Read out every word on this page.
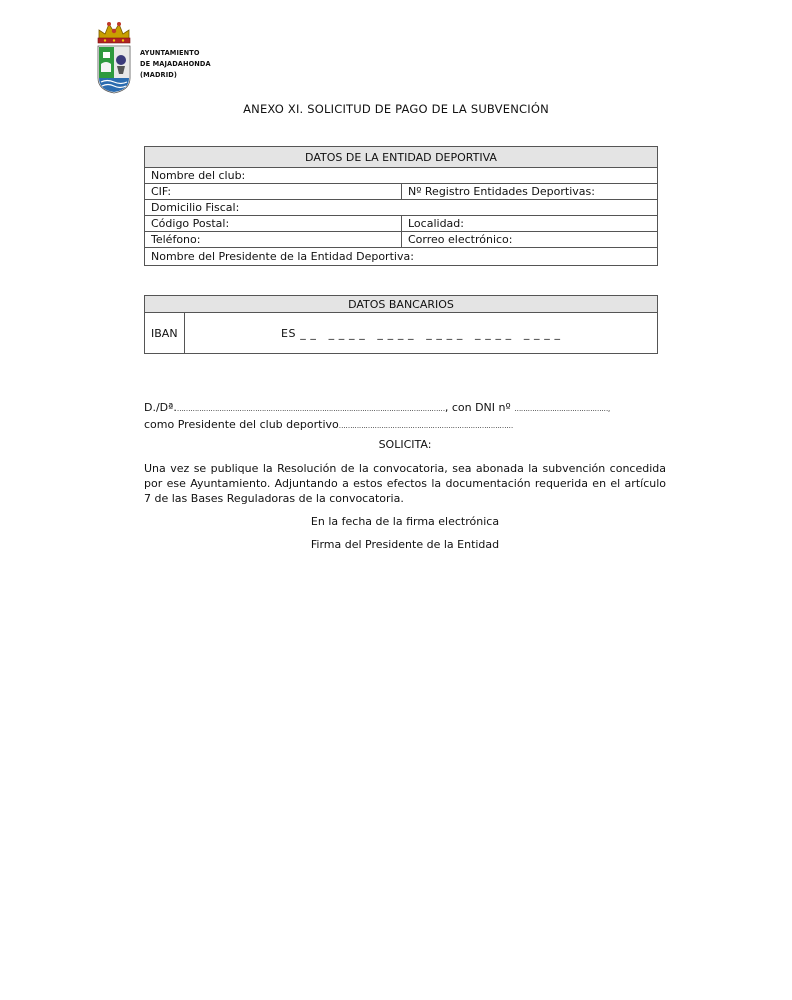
AYUNTAMIENTO
DE MAJADAHONDA
(MADRID)
ANEXO XI. SOLICITUD DE PAGO DE LA SUBVENCIÓN
DATOS DE LA ENTIDAD DEPORTIVA	
Nombre del club:	
CIF:	Nº Registro Entidades Deportivas:
Domicilio Fiscal:	
Código Postal:	Localidad:
Teléfono:	Correo electrónico:
Nombre del Presidente de la Entidad Deportiva:	
DATOS BANCARIOS
IBAN	ES _ _ _ _ _ _ _ _ _ _ _ _ _ _ _ _ _ _ _ _ _ _
D./Dª.…………………………………………………………………………………………………………, con DNI nº ……………………………………,
como Presidente del club deportivo……………………………………………………………………
SOLICITA:
Una vez se publique la Resolución de la convocatoria, sea abonada la subvención concedida por ese Ayuntamiento. Adjuntando a estos efectos la documentación requerida en el artículo 7 de las Bases Reguladoras de la convocatoria.
En la fecha de la firma electrónica
Firma del Presidente de la Entidad
